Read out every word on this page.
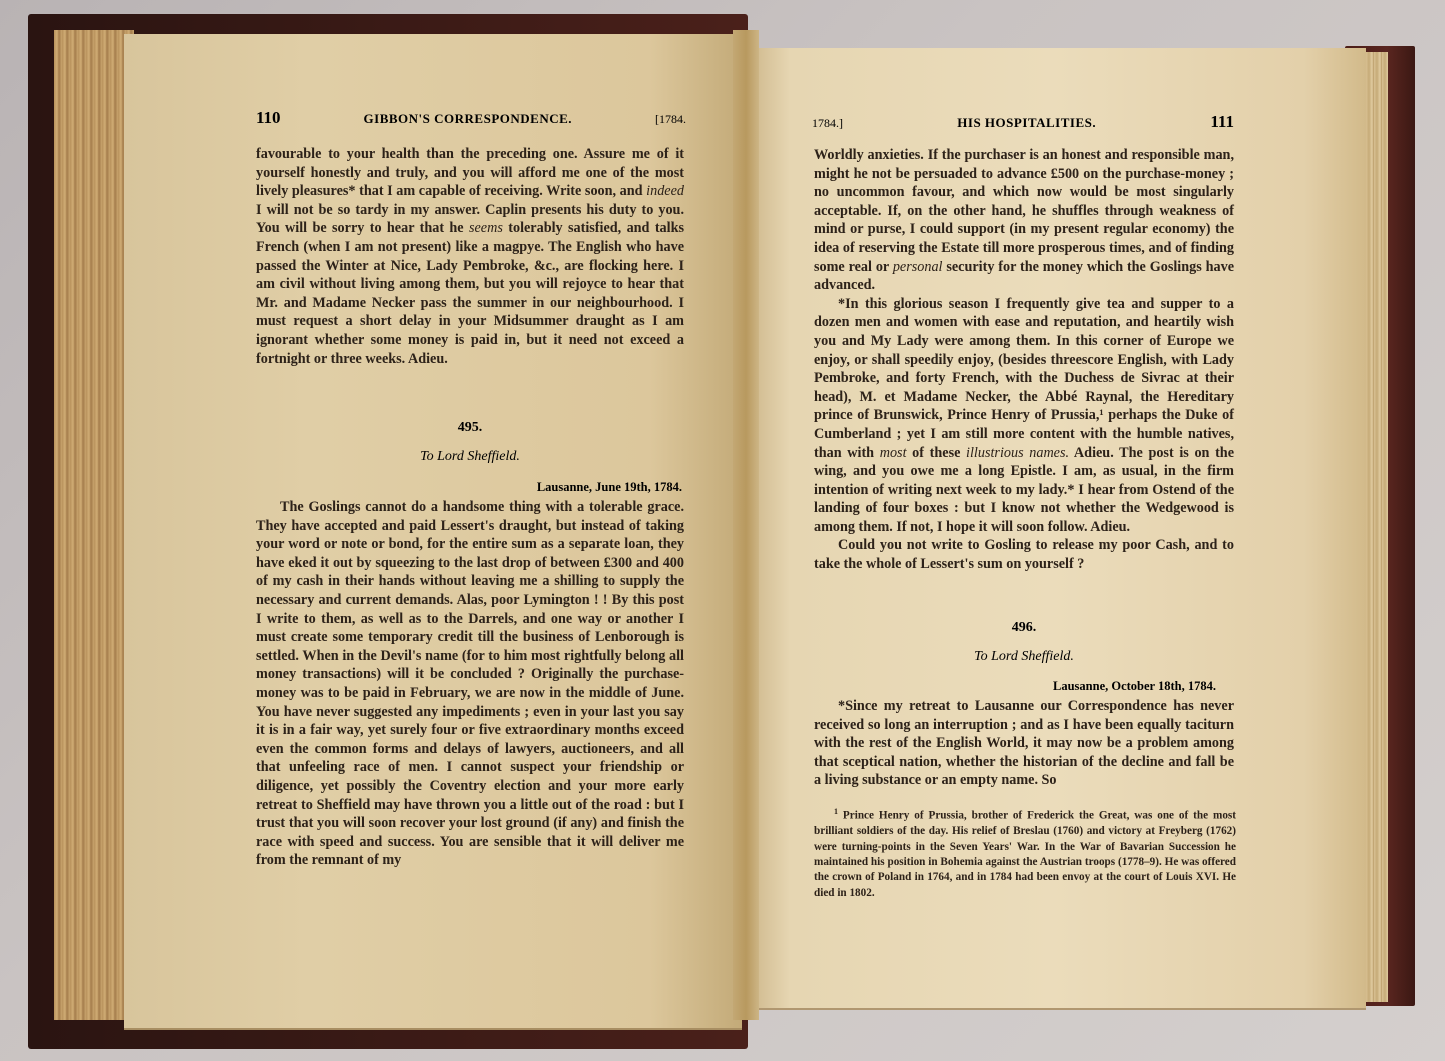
110	GIBBON'S CORRESPONDENCE.	[1784.

favourable to your health than the preceding one. Assure me of it yourself honestly and truly, and you will afford me one of the most lively pleasures* that I am capable of receiving. Write soon, and indeed I will not be so tardy in my answer. Caplin presents his duty to you. You will be sorry to hear that he seems tolerably satisfied, and talks French (when I am not present) like a magpye. The English who have passed the Winter at Nice, Lady Pembroke, &c., are flocking here. I am civil without living among them, but you will rejoyce to hear that Mr. and Madame Necker pass the summer in our neighbourhood. I must request a short delay in your Midsummer draught as I am ignorant whether some money is paid in, but it need not exceed a fortnight or three weeks. Adieu.

495.
To Lord Sheffield.
Lausanne, June 19th, 1784.

The Goslings cannot do a handsome thing with a tolerable grace. They have accepted and paid Lessert's draught, but instead of taking your word or note or bond, for the entire sum as a separate loan, they have eked it out by squeezing to the last drop of between £300 and 400 of my cash in their hands without leaving me a shilling to supply the necessary and current demands. Alas, poor Lymington ! ! By this post I write to them, as well as to the Darrels, and one way or another I must create some temporary credit till the business of Lenborough is settled. When in the Devil's name (for to him most rightfully belong all money transactions) will it be concluded ? Originally the purchase-money was to be paid in February, we are now in the middle of June. You have never suggested any impediments ; even in your last you say it is in a fair way, yet surely four or five extraordinary months exceed even the common forms and delays of lawyers, auctioneers, and all that unfeeling race of men. I cannot suspect your friendship or diligence, yet possibly the Coventry election and your more early retreat to Sheffield may have thrown you a little out of the road : but I trust that you will soon recover your lost ground (if any) and finish the race with speed and success. You are sensible that it will deliver me from the remnant of my

1784.]	HIS HOSPITALITIES.	111

Worldly anxieties. If the purchaser is an honest and responsible man, might he not be persuaded to advance £500 on the purchase-money ; no uncommon favour, and which now would be most singularly acceptable. If, on the other hand, he shuffles through weakness of mind or purse, I could support (in my present regular economy) the idea of reserving the Estate till more prosperous times, and of finding some real or personal security for the money which the Goslings have advanced.

*In this glorious season I frequently give tea and supper to a dozen men and women with ease and reputation, and heartily wish you and My Lady were among them. In this corner of Europe we enjoy, or shall speedily enjoy, (besides threescore English, with Lady Pembroke, and forty French, with the Duchess de Sivrac at their head), M. et Madame Necker, the Abbé Raynal, the Hereditary prince of Brunswick, Prince Henry of Prussia,¹ perhaps the Duke of Cumberland ; yet I am still more content with the humble natives, than with most of these illustrious names. Adieu. The post is on the wing, and you owe me a long Epistle. I am, as usual, in the firm intention of writing next week to my lady.* I hear from Ostend of the landing of four boxes : but I know not whether the Wedgewood is among them. If not, I hope it will soon follow. Adieu.

Could you not write to Gosling to release my poor Cash, and to take the whole of Lessert's sum on yourself ?

496.
To Lord Sheffield.
Lausanne, October 18th, 1784.

*Since my retreat to Lausanne our Correspondence has never received so long an interruption ; and as I have been equally taciturn with the rest of the English World, it may now be a problem among that sceptical nation, whether the historian of the decline and fall be a living substance or an empty name. So

$^1$ Prince Henry of Prussia, brother of Frederick the Great, was one of the most brilliant soldiers of the day. His relief of Breslau (1760) and victory at Freyberg (1762) were turning-points in the Seven Years' War. In the War of Bavarian Succession he maintained his position in Bohemia against the Austrian troops (1778–9). He was offered the crown of Poland in 1764, and in 1784 had been envoy at the court of Louis XVI. He died in 1802.
